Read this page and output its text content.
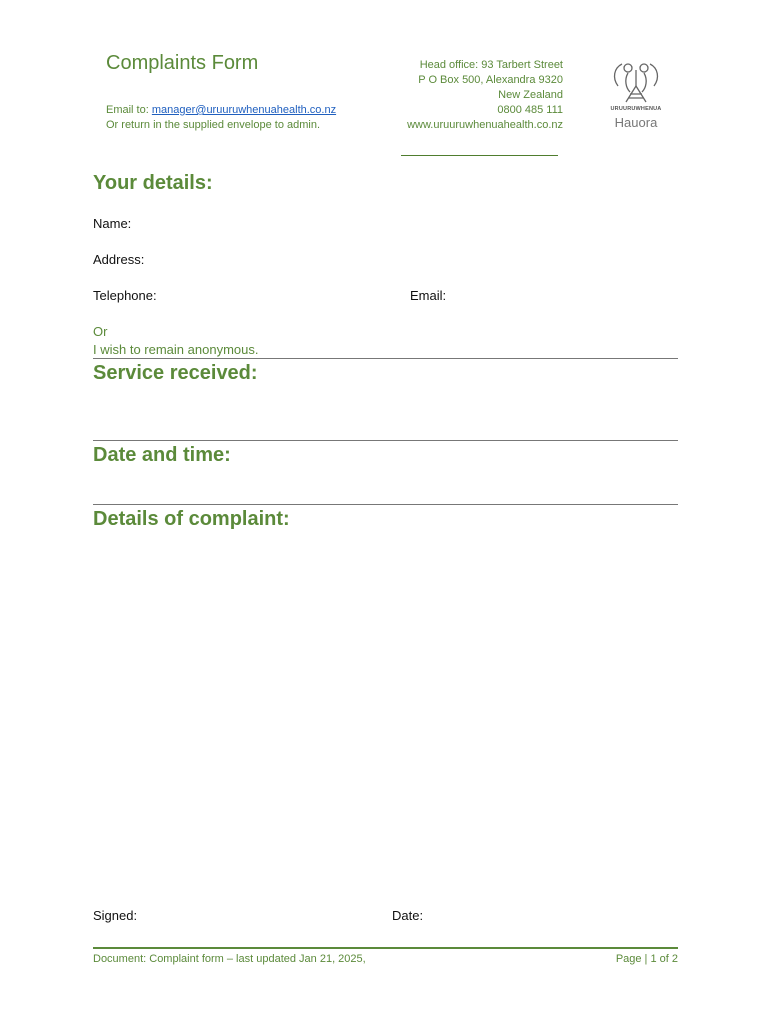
Complaints Form
Email to: manager@uruuruwhenuahealth.co.nz
Or return in the supplied envelope to admin.
Head office: 93 Tarbert Street
P O Box 500, Alexandra 9320
New Zealand
0800 485 111
www.uruuruwhenuahealth.co.nz
URUURUWHENUA
Hauora
Your details:
Name:
Address:
Telephone:	Email:
Or
I wish to remain anonymous.
Service received:
Date and time:
Details of complaint:
Signed:	Date:
Document: Complaint form – last updated Jan 21, 2025,	Page | 1 of 2
